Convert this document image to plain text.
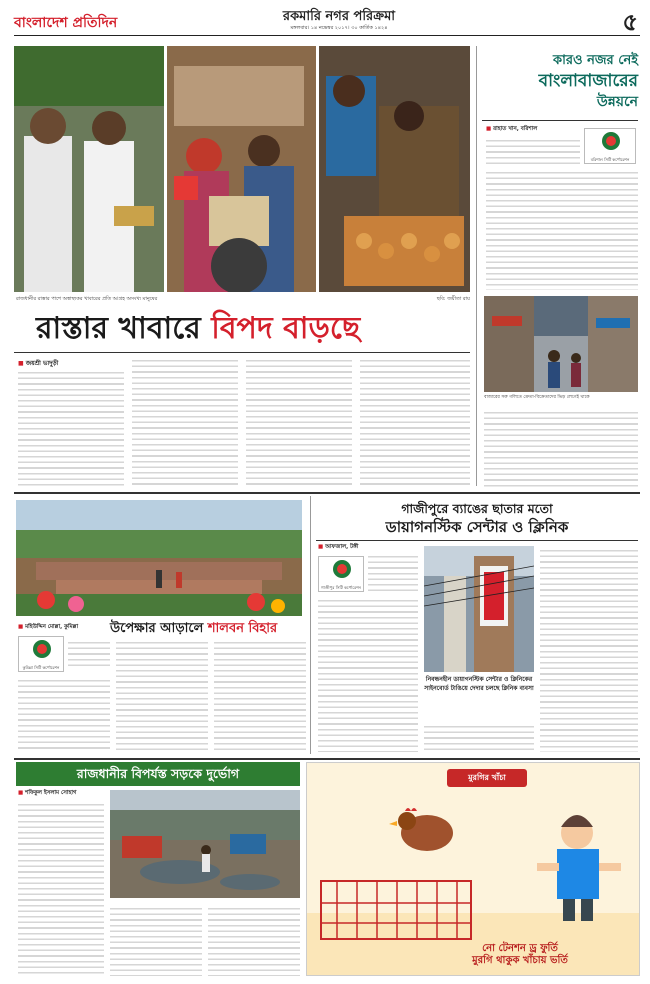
বাংলাদেশ প্রতিদিন	রকমারি নগর পরিক্রমা
মঙ্গলবার। ১৪ নভেম্বর ২০১৭। ৩০ কার্তিক ১৪২৪	৫
রাজধানীর রাস্তার পাশে অস্বাস্থ্যকর খাবারের প্রতি আগ্রহ অসংখ্য মানুষের	ছবি: জয়ীতা রায়
রাস্তার খাবারে বিপদ বাড়ছে
■ জয়শ্রী ভাদুড়ী
কারও নজর নেই
বাংলাবাজারের
উন্নয়নে
■ রাহাত খান, বরিশাল
বরিশাল সিটি কর্পোরেশন
বাজারের সরু গলিতে ক্রেতা-বিক্রেতাদের ভিড় লেগেই থাকে
উপেক্ষার আড়ালে শালবন বিহার
■ মহিউদ্দিন মোল্লা, কুমিল্লা
কুমিল্লা সিটি কর্পোরেশন
গাজীপুরে ব্যাঙের ছাতার মতো
ডায়াগনস্টিক সেন্টার ও ক্লিনিক
■ আফজাল, টঙ্গী
গাজীপুর সিটি কর্পোরেশন
নিবন্ধনহীন ডায়াগনস্টিক সেন্টার ও ক্লিনিকের সাইনবোর্ড টাঙিয়ে দেদার চলছে ক্লিনিক ব্যবসা
রাজধানীর বিপর্যস্ত সড়কে দুর্ভোগ
■ শফিকুল ইসলাম সোহাগ
মুরগির খাঁচা
নো টেনশন ড্র ফুর্তি
মুরগি থাকুক খাঁচায় ভর্তি
